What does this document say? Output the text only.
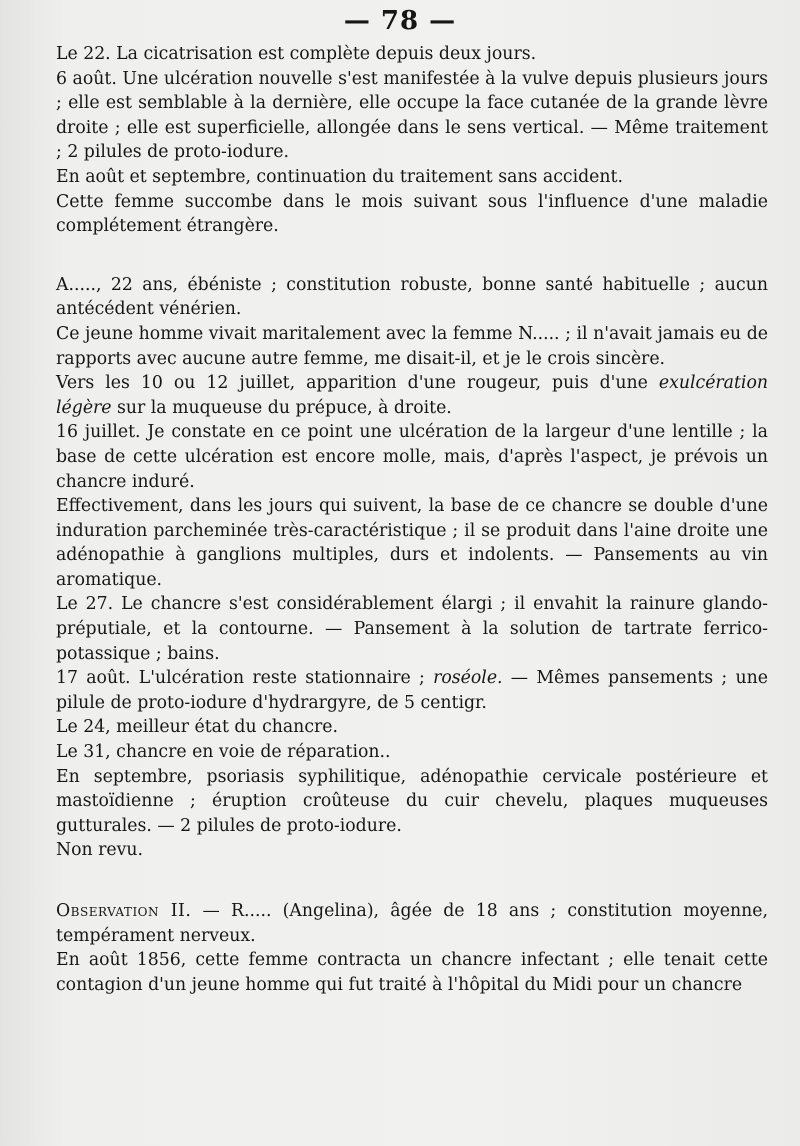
— 78 —

Le 22. La cicatrisation est complète depuis deux jours.

6 août. Une ulcération nouvelle s'est manifestée à la vulve depuis plusieurs jours ; elle est semblable à la dernière, elle occupe la face cutanée de la grande lèvre droite ; elle est superficielle, allongée dans le sens vertical. — Même traitement ; 2 pilules de proto-iodure.

En août et septembre, continuation du traitement sans accident.

Cette femme succombe dans le mois suivant sous l'influence d'une maladie complétement étrangère.

A....., 22 ans, ébéniste ; constitution robuste, bonne santé habituelle ; aucun antécédent vénérien.

Ce jeune homme vivait maritalement avec la femme N..... ; il n'avait jamais eu de rapports avec aucune autre femme, me disait-il, et je le crois sincère.

Vers les 10 ou 12 juillet, apparition d'une rougeur, puis d'une exulcération légère sur la muqueuse du prépuce, à droite.

16 juillet. Je constate en ce point une ulcération de la largeur d'une lentille ; la base de cette ulcération est encore molle, mais, d'après l'aspect, je prévois un chancre induré.

Effectivement, dans les jours qui suivent, la base de ce chancre se double d'une induration parcheminée très-caractéristique ; il se produit dans l'aine droite une adénopathie à ganglions multiples, durs et indolents. — Pansements au vin aromatique.

Le 27. Le chancre s'est considérablement élargi ; il envahit la rainure glando-préputiale, et la contourne. — Pansement à la solution de tartrate ferrico-potassique ; bains.

17 août. L'ulcération reste stationnaire ; roséole. — Mêmes pansements ; une pilule de proto-iodure d'hydrargyre, de 5 centigr.

Le 24, meilleur état du chancre.

Le 31, chancre en voie de réparation..

En septembre, psoriasis syphilitique, adénopathie cervicale postérieure et mastoïdienne ; éruption croûteuse du cuir chevelu, plaques muqueuses gutturales. — 2 pilules de proto-iodure.

Non revu.

Observation II. — R..... (Angelina), âgée de 18 ans ; constitution moyenne, tempérament nerveux.

En août 1856, cette femme contracta un chancre infectant ; elle tenait cette contagion d'un jeune homme qui fut traité à l'hôpital du Midi pour un chancre
